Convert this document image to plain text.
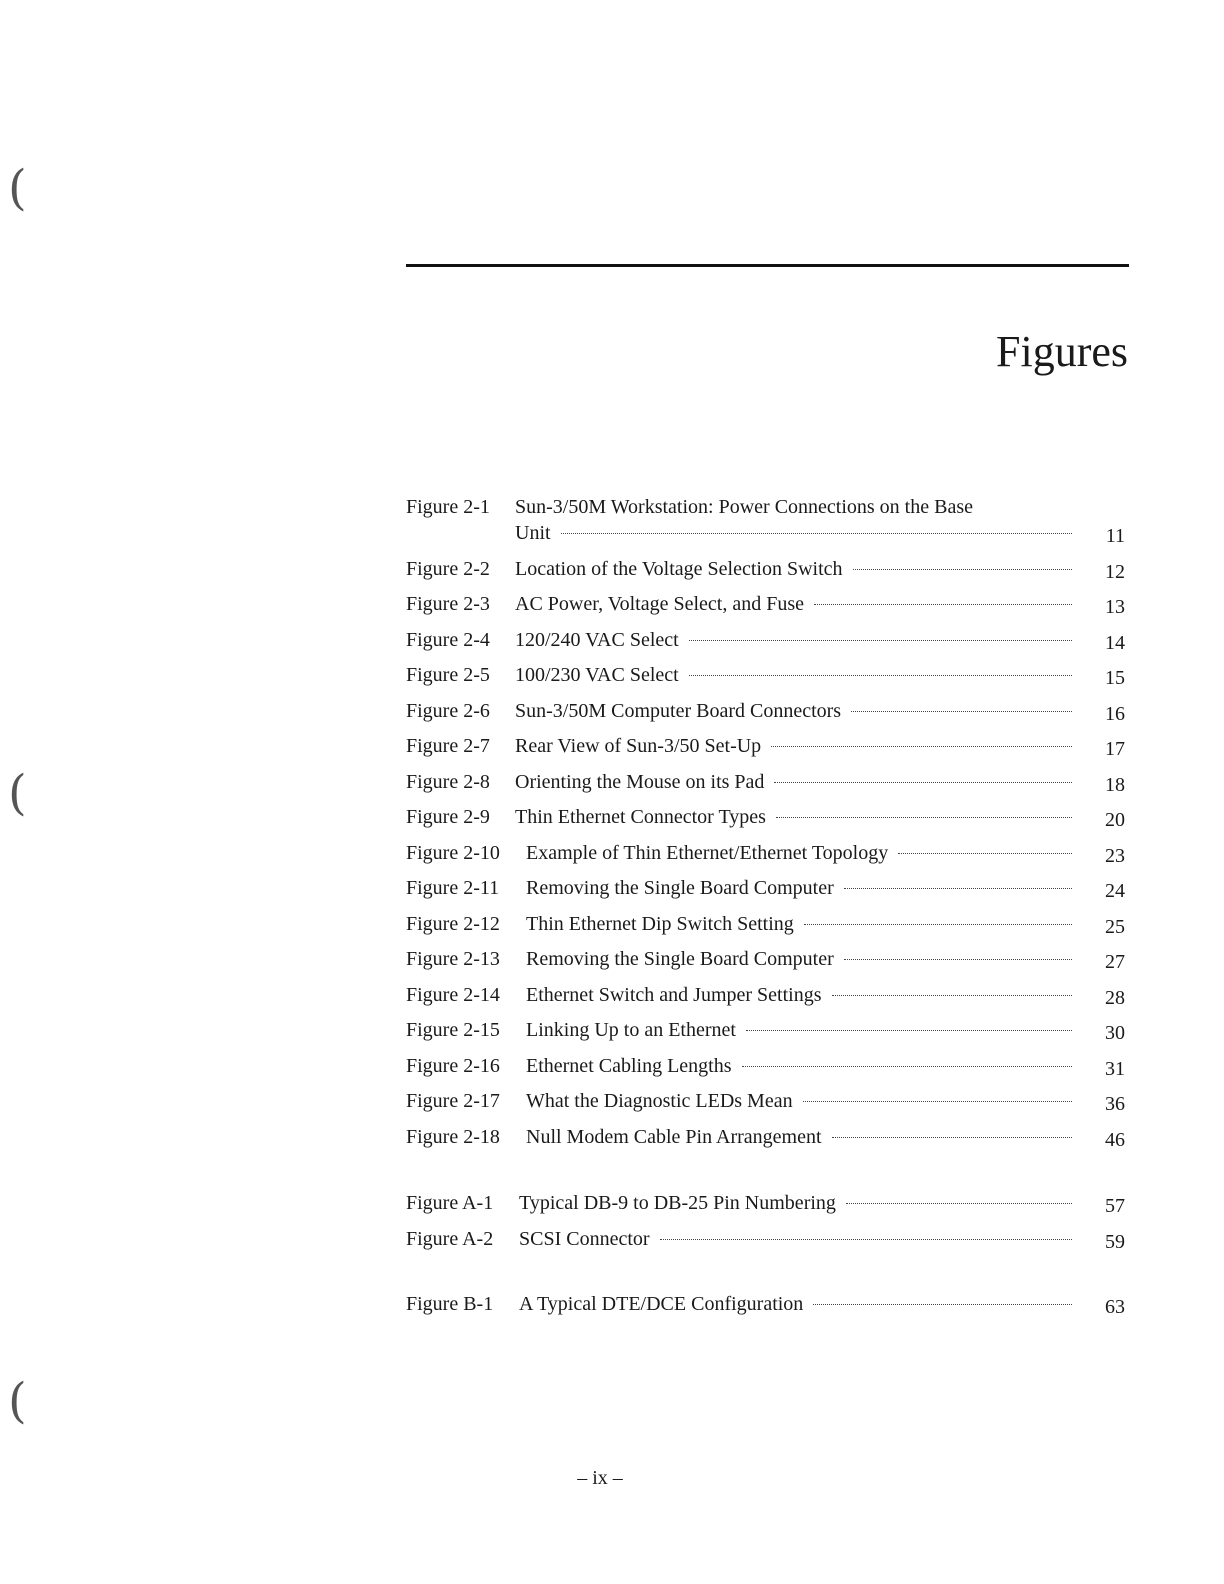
(
(
(
Figures
Figure 2-1 Sun-3/50M Workstation: Power Connections on the Base
Unit	11
Figure 2-2 Location of the Voltage Selection Switch	12
Figure 2-3 AC Power, Voltage Select, and Fuse	13
Figure 2-4 120/240 VAC Select	14
Figure 2-5 100/230 VAC Select	15
Figure 2-6 Sun-3/50M Computer Board Connectors	16
Figure 2-7 Rear View of Sun-3/50 Set-Up	17
Figure 2-8 Orienting the Mouse on its Pad	18
Figure 2-9 Thin Ethernet Connector Types	20
Figure 2-10 Example of Thin Ethernet/Ethernet Topology	23
Figure 2-11 Removing the Single Board Computer	24
Figure 2-12 Thin Ethernet Dip Switch Setting	25
Figure 2-13 Removing the Single Board Computer	27
Figure 2-14 Ethernet Switch and Jumper Settings	28
Figure 2-15 Linking Up to an Ethernet	30
Figure 2-16 Ethernet Cabling Lengths	31
Figure 2-17 What the Diagnostic LEDs Mean	36
Figure 2-18 Null Modem Cable Pin Arrangement	46
Figure A-1 Typical DB-9 to DB-25 Pin Numbering	57
Figure A-2 SCSI Connector	59
Figure B-1 A Typical DTE/DCE Configuration	63
– ix –
